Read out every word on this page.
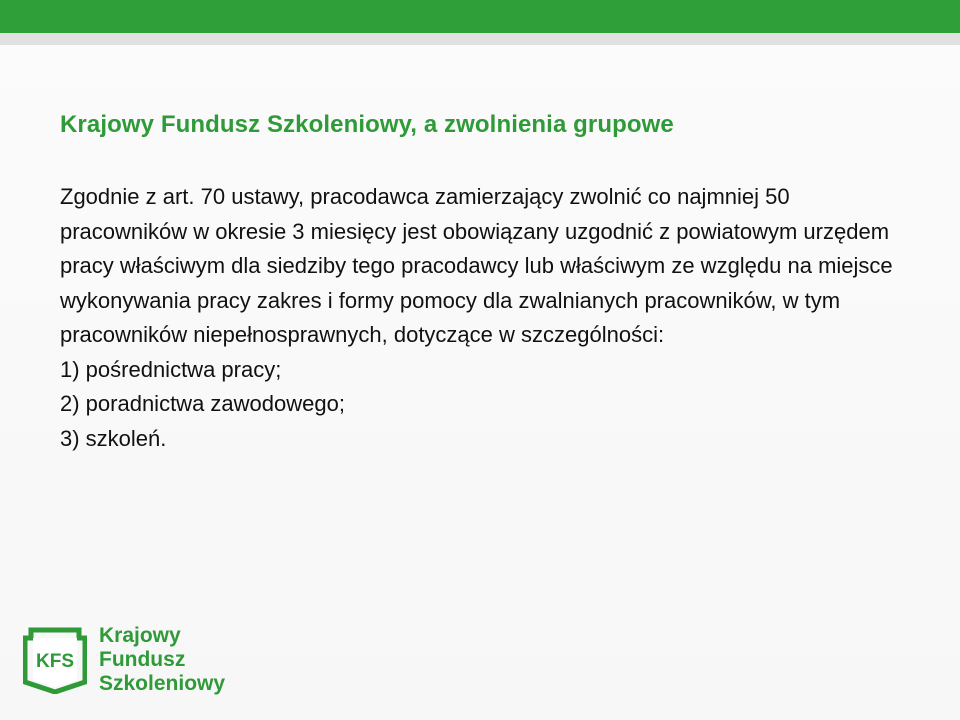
Krajowy Fundusz Szkoleniowy, a zwolnienia grupowe

Zgodnie z art. 70 ustawy, pracodawca zamierzający zwolnić co najmniej 50 pracowników w okresie 3 miesięcy jest obowiązany uzgodnić z powiatowym urzędem pracy właściwym dla siedziby tego pracodawcy lub właściwym ze względu na miejsce wykonywania pracy zakres i formy pomocy dla zwalnianych pracowników, w tym pracowników niepełnosprawnych, dotyczące w szczególności:

1) pośrednictwa pracy;
2) poradnictwa zawodowego;
3) szkoleń.
KFS
Krajowy
Fundusz
Szkoleniowy
